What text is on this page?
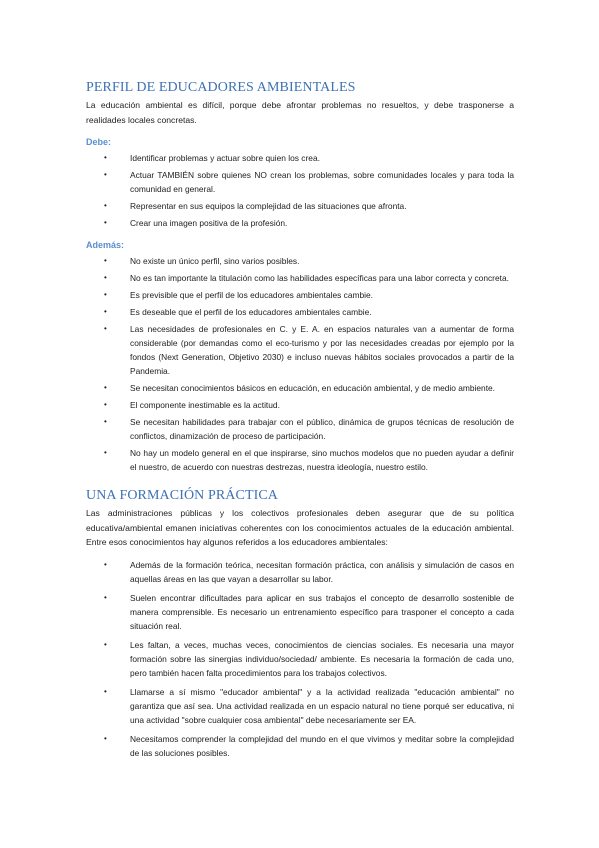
PERFIL DE EDUCADORES AMBIENTALES

La educación ambiental es difícil, porque debe afrontar problemas no resueltos, y debe trasponerse a realidades locales concretas.

Debe:
•	Identificar problemas y actuar sobre quien los crea.
•	Actuar TAMBIÉN sobre quienes NO crean los problemas, sobre comunidades locales y para toda la comunidad en general.
•	Representar en sus equipos la complejidad de las situaciones que afronta.
•	Crear una imagen positiva de la profesión.
Además:
•	No existe un único perfil, sino varios posibles.
•	No es tan importante la titulación como las habilidades específicas para una labor correcta y concreta.
•	Es previsible que el perfil de los educadores ambientales cambie.
•	Es deseable que el perfil de los educadores ambientales cambie.
•	Las necesidades de profesionales en C. y E. A. en espacios naturales van a aumentar de forma considerable (por demandas como el eco-turismo y por las necesidades creadas por ejemplo por la fondos (Next Generation, Objetivo 2030) e incluso nuevas hábitos sociales provocados a partir de la Pandemia.
•	Se necesitan conocimientos básicos en educación, en educación ambiental, y de medio ambiente.
•	El componente inestimable es la actitud.
•	Se necesitan habilidades para trabajar con el público, dinámica de grupos técnicas de resolución de conflictos, dinamización de proceso de participación.
•	No hay un modelo general en el que inspirarse, sino muchos modelos que no pueden ayudar a definir el nuestro, de acuerdo con nuestras destrezas, nuestra ideología, nuestro estilo.
UNA FORMACIÓN PRÁCTICA

Las administraciones públicas y los colectivos profesionales deben asegurar que de su política educativa/ambiental emanen iniciativas coherentes con los conocimientos actuales de la educación ambiental. Entre esos conocimientos hay algunos referidos a los educadores ambientales:

•	Además de la formación teórica, necesitan formación práctica, con análisis y simulación de casos en aquellas áreas en las que vayan a desarrollar su labor.
•	Suelen encontrar dificultades para aplicar en sus trabajos el concepto de desarrollo sostenible de manera comprensible. Es necesario un entrenamiento específico para trasponer el concepto a cada situación real.
•	Les faltan, a veces, muchas veces, conocimientos de ciencias sociales. Es necesaria una mayor formación sobre las sinergias individuo/sociedad/ ambiente. Es necesaria la formación de cada uno, pero también hacen falta procedimientos para los trabajos colectivos.
•	Llamarse a sí mismo "educador ambiental" y a la actividad realizada "educación ambiental" no garantiza que así sea. Una actividad realizada en un espacio natural no tiene porqué ser educativa, ni una actividad "sobre cualquier cosa ambiental" debe necesariamente ser EA.
•	Necesitamos comprender la complejidad del mundo en el que vivimos y meditar sobre la complejidad de las soluciones posibles.
